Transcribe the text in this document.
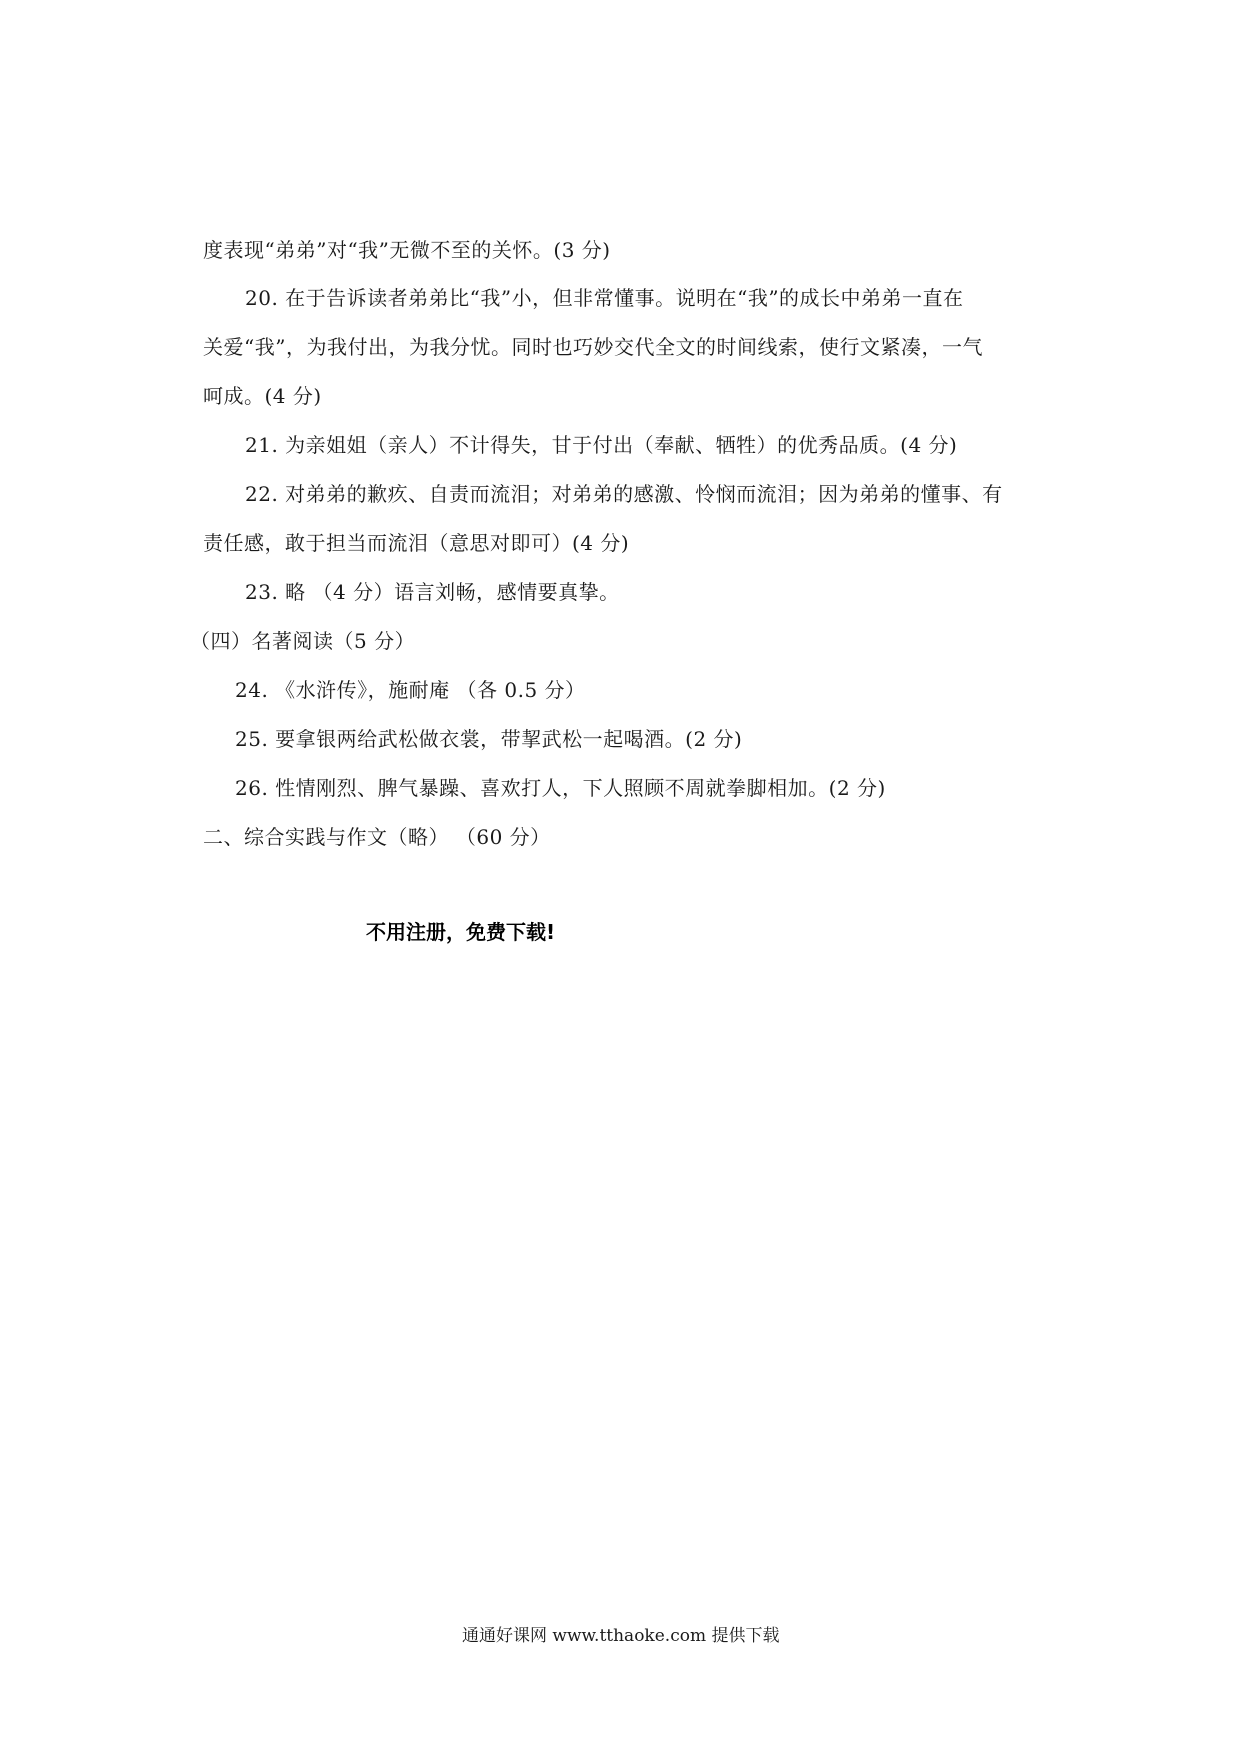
度表现“弟弟”对“我”无微不至的关怀。(3 分)
20. 在于告诉读者弟弟比“我”小，但非常懂事。说明在“我”的成长中弟弟一直在
关爱“我”，为我付出，为我分忧。同时也巧妙交代全文的时间线索，使行文紧凑，一气
呵成。(4 分)
21. 为亲姐姐（亲人）不计得失，甘于付出（奉献、牺牲）的优秀品质。(4 分)
22. 对弟弟的歉疚、自责而流泪；对弟弟的感激、怜悯而流泪；因为弟弟的懂事、有
责任感，敢于担当而流泪（意思对即可）(4 分)
23. 略 （4 分）语言刘畅，感情要真挚。
（四）名著阅读（5 分）
24. 《水浒传》，施耐庵 （各 0.5 分）
25. 要拿银两给武松做衣裳，带挈武松一起喝酒。(2 分)
26. 性情刚烈、脾气暴躁、喜欢打人，下人照顾不周就拳脚相加。(2 分)
二、综合实践与作文（略） （60 分）
不用注册，免费下载!
通通好课网 www.tthaoke.com 提供下载
